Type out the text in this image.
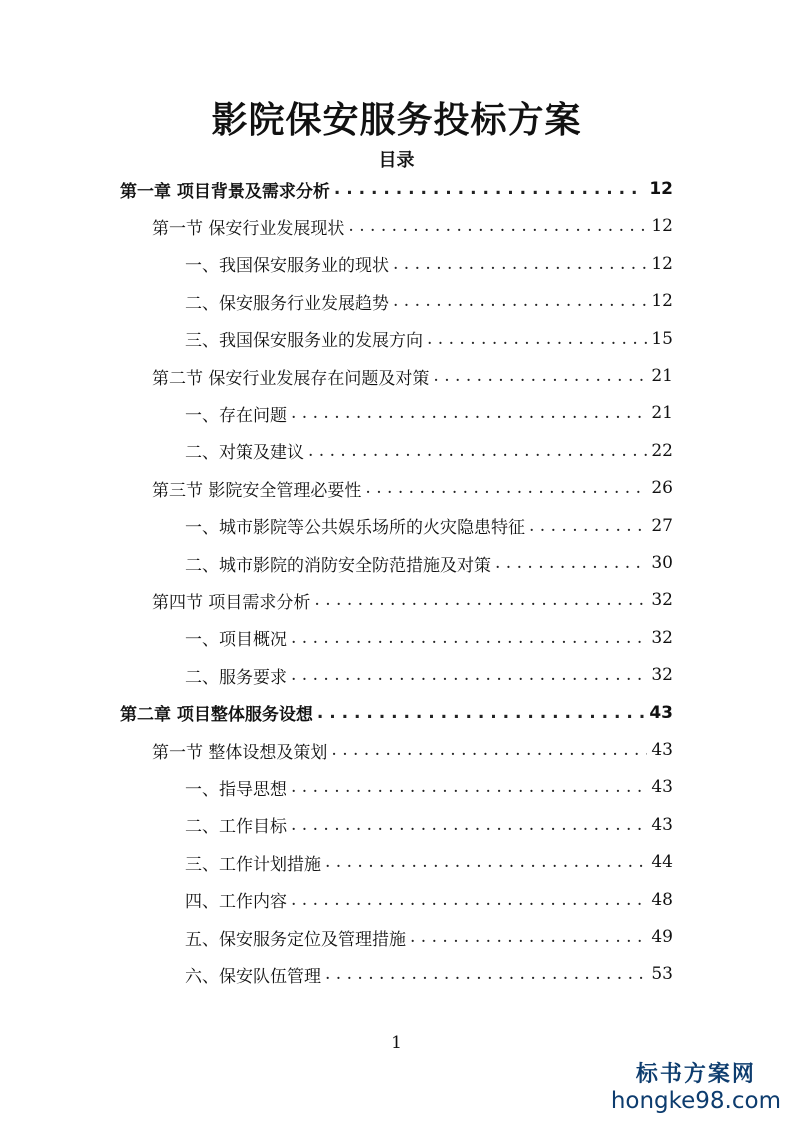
影院保安服务投标方案
目录
第一章 项目背景及需求分析 . . .	12
第一节 保安行业发展现状 . . .	12
一、我国保安服务业的现状 . . .	12
二、保安服务行业发展趋势 . . .	12
三、我国保安服务业的发展方向 . . .	15
第二节 保安行业发展存在问题及对策 . . .	21
一、存在问题 . . .	21
二、对策及建议 . . .	22
第三节 影院安全管理必要性 . . .	26
一、城市影院等公共娱乐场所的火灾隐患特征 . . .	27
二、城市影院的消防安全防范措施及对策 . . .	30
第四节 项目需求分析 . . .	32
一、项目概况 . . .	32
二、服务要求 . . .	32
第二章 项目整体服务设想 . . .	43
第一节 整体设想及策划 . . .	43
一、指导思想 . . .	43
二、工作目标 . . .	43
三、工作计划措施 . . .	44
四、工作内容 . . .	48
五、保安服务定位及管理措施 . . .	49
六、保安队伍管理 . . .	53
1
标书方案网
hongke98.com
